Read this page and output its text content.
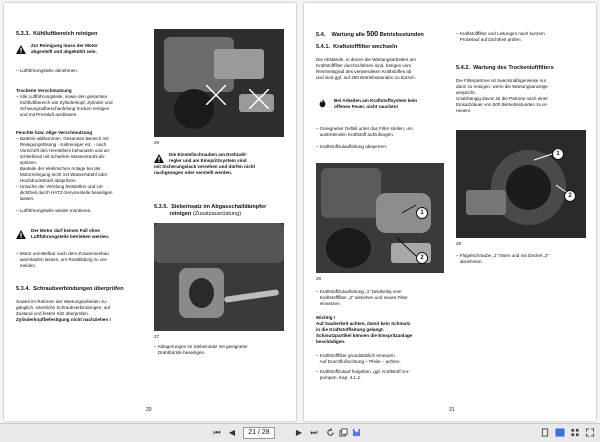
5.3.3.  Kühlluftbereich reinigen
Zur Reinigung muss der Motor
abgestellt und abgekühlt sein.
– Luftführungsteile abnehmen.
Trockene Verschmutzung
– Alle Luftführungsteile, sowie den gesamten
Kühlluftbereich wie Zylinderkopf, Zylinder und
Schwungradbeschaufelung trocken reinigen
und mit Pressluft ausblasen.
Feuchte bzw. ölige Verschmutzung
– Batterie abklemmen. Gesamten Bereich mit
Reinigungslösung - Kaltreiniger etc. - nach
Vorschrift des Herstellers behandeln und an-
schließend mit scharfem Wasserstrahl ab-
spritzen.
Bauteile der elektrischen Anlage bei der
Motorreinigung nicht mit Wasserstrahl oder
Hochdruckstrahl abspritzen.
– Ursache der Verölung feststellen und Un-
dichtheit durch HATZ-Servicestelle beseitigen
lassen.
– Luftführungsteile wieder montieren.
Der Motor darf keinen Fall ohne
Luftführungsteile betrieben werden.
– Motor unmittelbar nach dem Zusammenbau
warmlaufen lassen, um Rostbildung zu ver-
meiden.
5.3.4.  Schraubverbindungen überprüfen
Soweit im Rahmen der Wartungsarbeiten zu-
gänglich, sämtliche Schraubverbindungen, auf
Zustand und festen Sitz überprüfen.
Zylinderkopfbefestigung nicht nachziehen !
26
Die Einstellschrauben am Drehzahl-
regler und am Einspritzsystem sind
mit Sicherungslack versehen und dürfen nicht
nachgezogen oder verstellt werden.
5.3.5.  Siebeinsatz im Abgasschalldämpfer
reinigen (Zusatzausrüstung)
27
– Ablagerungen im Siebeinsatz mit geeigneter
Drahtbürste beseitigen.
20
5.4.    Wartung alle 500 Betriebsstunden
5.4.1.  Kraftstofffilter wechseln
Die Abstände, in denen die Wartungsarbeiten am
Kraftstofffilter durchzuführen sind, hängen vom
Reinheitsgrad des verwendeten Kraftstoffes ab
und sind ggf. auf 250 Betriebsstunden zu kürzen.
Bei Arbeiten am Kraftstoffsystem kein
offenes Feuer, nicht rauchen!
– Geeignetes Gefäß unter das Filter stellen, um
austretenden Kraftstoff aufzufangen.
– Kraftstoffzulaufleitung absperren.
1
2
28
– Kraftstoffzulaufleitung „1“ beidseitig vom
Kraftstofffilter „2“ abziehen und neues Filter
einsetzen.
Wichtig !
Auf Sauberkeit achten, damit kein Schmutz
in die Kraftstoffleitung gelangt.
Schmutzpartikel können die Einspritzanlage
beschädigen.
– Kraftstofffilter grundsätzlich erneuern.
Auf Durchflußrichtung – Pfeile – achten.
– Kraftstoffzulauf freigeben, ggf. Kraftstoff vor-
pumpen, Kap. 4.1.2.
– Kraftstofffilter und Leitungen nach kurzem
Probelauf auf Dichtheit prüfen.
5.4.2.  Wartung des Trockenluftfilters
Die Filterpatrone ist zweckmäßigerweise nur
dann zu reinigen, wenn die Wartungsanzeige
anspricht.
Unabhängig davon ist die Patrone nach einer
Einsatzdauer von 500 Betriebsstunden zu er-
neuern.
1
2
29
– Flügelschraube „1“ lösen und mit Deckel „2“
abnehmen.
21
⏮ ◀	21 / 28	▶ ⏭
